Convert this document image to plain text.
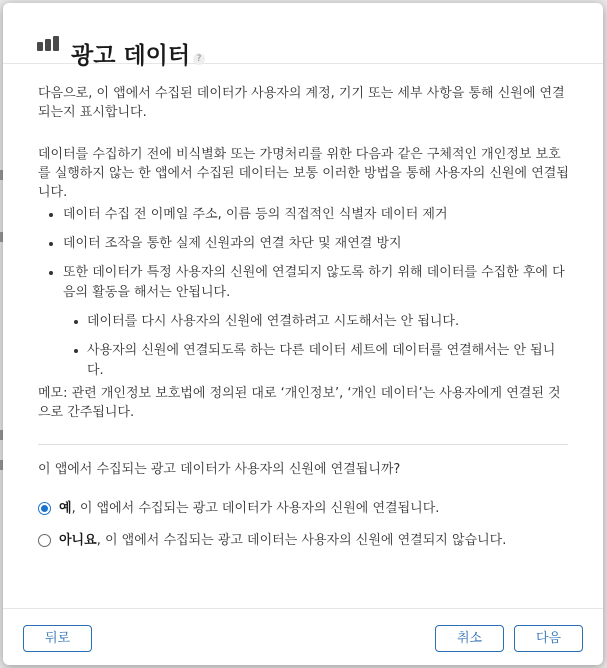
광고 데이터 ?
다음으로, 이 앱에서 수집된 데이터가 사용자의 계정, 기기 또는 세부 사항을 통해 신원에 연결되는지 표시합니다.
데이터를 수집하기 전에 비식별화 또는 가명처리를 위한 다음과 같은 구체적인 개인정보 보호를 실행하지 않는 한 앱에서 수집된 데이터는 보통 이러한 방법을 통해 사용자의 신원에 연결됩니다.
데이터 수집 전 이메일 주소, 이름 등의 직접적인 식별자 데이터 제거
데이터 조작을 통한 실제 신원과의 연결 차단 및 재연결 방지
또한 데이터가 특정 사용자의 신원에 연결되지 않도록 하기 위해 데이터를 수집한 후에 다음의 활동을 해서는 안됩니다.
데이터를 다시 사용자의 신원에 연결하려고 시도해서는 안 됩니다.
사용자의 신원에 연결되도록 하는 다른 데이터 세트에 데이터를 연결해서는 안 됩니다.
메모: 관련 개인정보 보호법에 정의된 대로 ‘개인정보’, ‘개인 데이터’는 사용자에게 연결된 것으로 간주됩니다.
이 앱에서 수집되는 광고 데이터가 사용자의 신원에 연결됩니까?
예, 이 앱에서 수집되는 광고 데이터가 사용자의 신원에 연결됩니다.
아니요, 이 앱에서 수집되는 광고 데이터는 사용자의 신원에 연결되지 않습니다.
뒤로	취소	다음
